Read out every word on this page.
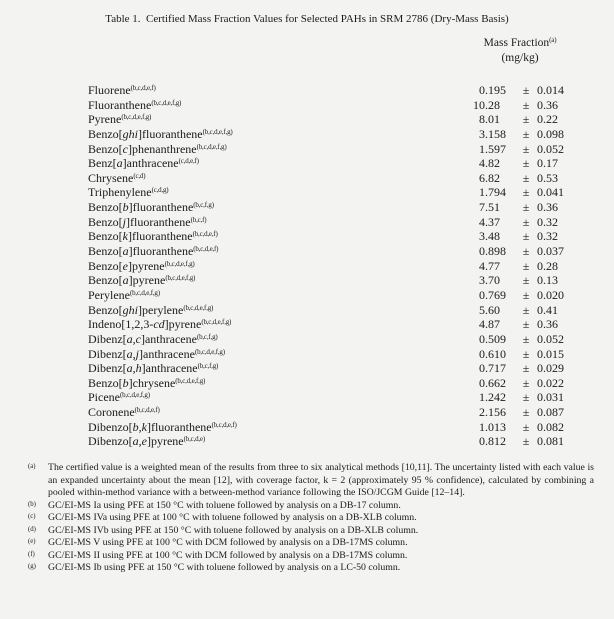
Table 1.  Certified Mass Fraction Values for Selected PAHs in SRM 2786 (Dry-Mass Basis)
Mass Fraction$^{(a)}$
(mg/kg)
Fluorene$^{(b,c,d,e,f)}$	0 .195	± 0.014
Fluoranthene$^{(b,c,d,e,f,g)}$	10 .28	± 0.36
Pyrene$^{(b,c,d,e,f,g)}$	8 .01	± 0.22
Benzo[ghi]fluoranthene$^{(b,c,d,e,f,g)}$	3 .158	± 0.098
Benzo[c]phenanthrene$^{(b,c,d,e,f,g)}$	1 .597	± 0.052
Benz[a]anthracene$^{(c,d,e,f)}$	4 .82	± 0.17
Chrysene$^{(c,d)}$	6 .82	± 0.53
Triphenylene$^{(c,d,g)}$	1 .794	± 0.041
Benzo[b]fluoranthene$^{(b,c,f,g)}$	7 .51	± 0.36
Benzo[j]fluoranthene$^{(b,c,f)}$	4 .37	± 0.32
Benzo[k]fluoranthene$^{(b,c,d,e,f)}$	3 .48	± 0.32
Benzo[a]fluoranthene$^{(b,c,d,e,f)}$	0 .898	± 0.037
Benzo[e]pyrene$^{(b,c,d,e,f,g)}$	4 .77	± 0.28
Benzo[a]pyrene$^{(b,c,d,e,f,g)}$	3 .70	± 0.13
Perylene$^{(b,c,d,e,f,g)}$	0 .769	± 0.020
Benzo[ghi]perylene$^{(b,c,d,e,f,g)}$	5 .60	± 0.41
Indeno[1,2,3-cd]pyrene$^{(b,c,d,e,f,g)}$	4 .87	± 0.36
Dibenz[a,c]anthracene$^{(b,c,f,g)}$	0 .509	± 0.052
Dibenz[a,j]anthracene$^{(b,c,d,e,f,g)}$	0 .610	± 0.015
Dibenz[a,h]anthracene$^{(b,c,f,g)}$	0 .717	± 0.029
Benzo[b]chrysene$^{(b,c,d,e,f,g)}$	0 .662	± 0.022
Picene$^{(b,c,d,e,f,g)}$	1 .242	± 0.031
Coronene$^{(b,c,d,e,f)}$	2 .156	± 0.087
Dibenzo[b,k]fluoranthene$^{(b,c,d,e,f)}$	1 .013	± 0.082
Dibenzo[a,e]pyrene$^{(b,c,d,e)}$	0 .812	± 0.081
(a)	The certified value is a weighted mean of the results from three to six analytical methods [10,11]. The uncertainty listed with each value is an expanded uncertainty about the mean [12], with coverage factor, k = 2 (approximately 95 % confidence), calculated by combining a pooled within-method variance with a between-method variance following the ISO/JCGM Guide [12–14].
(b)	GC/EI-MS Ia using PFE at 150 °C with toluene followed by analysis on a DB-17 column.
(c)	GC/EI-MS IVa using PFE at 100 °C with toluene followed by analysis on a DB-XLB column.
(d)	GC/EI-MS IVb using PFE at 150 °C with toluene followed by analysis on a DB-XLB column.
(e)	GC/EI-MS V using PFE at 100 °C with DCM followed by analysis on a DB-17MS column.
(f)	GC/EI-MS II using PFE at 100 °C with DCM followed by analysis on a DB-17MS column.
(g)	GC/EI-MS Ib using PFE at 150 °C with toluene followed by analysis on a LC-50 column.
